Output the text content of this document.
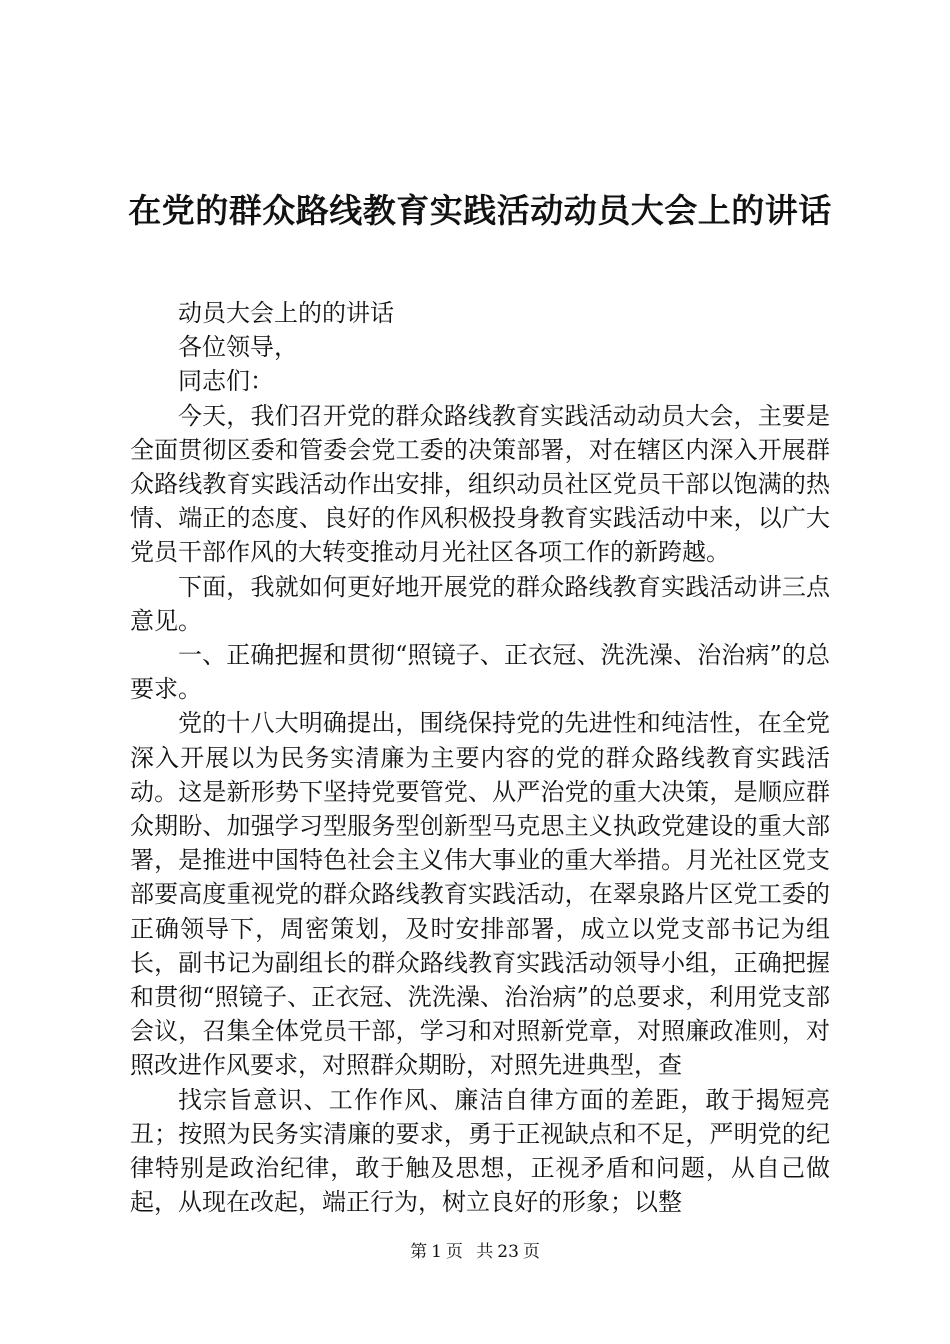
在党的群众路线教育实践活动动员大会上的讲话

动员大会上的的讲话

各位领导，

同志们：

今天，我们召开党的群众路线教育实践活动动员大会，主要是全面贯彻区委和管委会党工委的决策部署，对在辖区内深入开展群众路线教育实践活动作出安排，组织动员社区党员干部以饱满的热情、端正的态度、良好的作风积极投身教育实践活动中来，以广大党员干部作风的大转变推动月光社区各项工作的新跨越。

下面，我就如何更好地开展党的群众路线教育实践活动讲三点意见。

一、正确把握和贯彻“照镜子、正衣冠、洗洗澡、治治病”的总要求。

党的十八大明确提出，围绕保持党的先进性和纯洁性，在全党深入开展以为民务实清廉为主要内容的党的群众路线教育实践活动。这是新形势下坚持党要管党、从严治党的重大决策，是顺应群众期盼、加强学习型服务型创新型马克思主义执政党建设的重大部署，是推进中国特色社会主义伟大事业的重大举措。月光社区党支部要高度重视党的群众路线教育实践活动，在翠泉路片区党工委的正确领导下，周密策划，及时安排部署，成立以党支部书记为组长，副书记为副组长的群众路线教育实践活动领导小组，正确把握和贯彻“照镜子、正衣冠、洗洗澡、治治病”的总要求，利用党支部会议，召集全体党员干部，学习和对照新党章，对照廉政准则，对照改进作风要求，对照群众期盼，对照先进典型，查

找宗旨意识、工作作风、廉洁自律方面的差距，敢于揭短亮丑；按照为民务实清廉的要求，勇于正视缺点和不足，严明党的纪律特别是政治纪律，敢于触及思想，正视矛盾和问题，从自己做起，从现在改起，端正行为，树立良好的形象；以整

第 1 页 共 23 页
